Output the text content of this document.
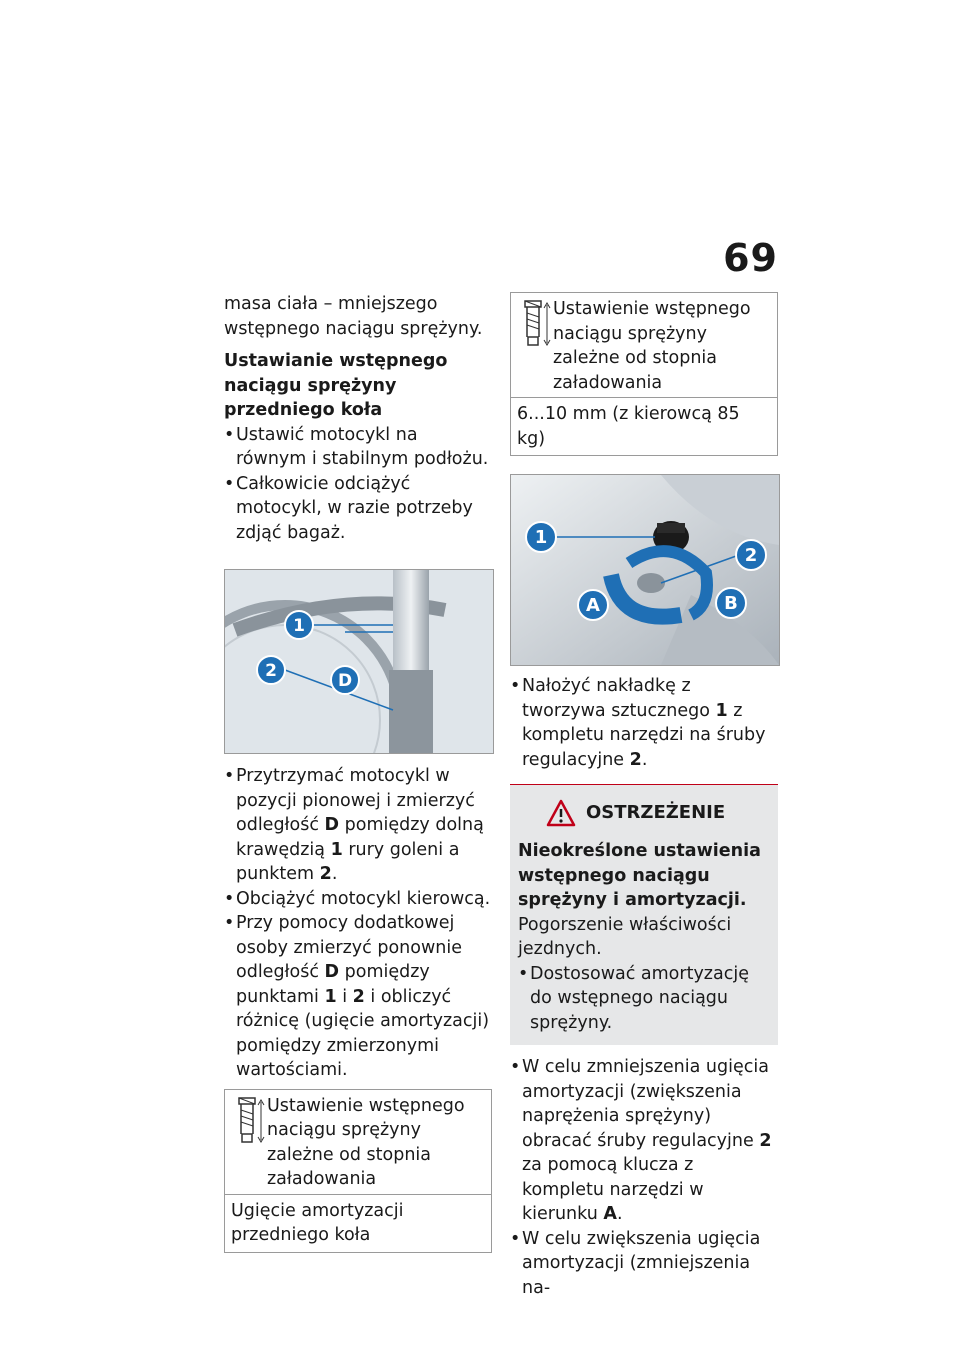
69

masa ciała – mniejszego wstępnego naciągu sprężyny.

Ustawianie wstępnego naciągu sprężyny przedniego koła

• Ustawić motocykl na równym i stabilnym podłożu.
• Całkowicie odciążyć motocykl, w razie potrzeby zdjąć bagaż.
1
2	D
• Przytrzymać motocykl w pozycji pionowej i zmierzyć odległość D pomiędzy dolną krawędzią 1 rury goleni a punktem 2.
• Obciążyć motocykl kierowcą.
• Przy pomocy dodatkowej osoby zmierzyć ponownie odległość D pomiędzy punktami 1 i 2 i obliczyć różnicę (ugięcie amortyzacji) pomiędzy zmierzonymi wartościami.
Ustawienie wstępnego naciągu sprężyny zależne od stopnia załadowania
Ugięcie amortyzacji przedniego koła
Ustawienie wstępnego naciągu sprężyny zależne od stopnia załadowania
6...10 mm (z kierowcą 85 kg)
1
2
A	B
• Nałożyć nakładkę z tworzywa sztucznego 1 z kompletu narzędzi na śruby regulacyjne 2.
OSTRZEŻENIE

Nieokreślone ustawienia wstępnego naciągu sprężyny i amortyzacji.

Pogorszenie właściwości jezdnych.

• Dostosować amortyzację do wstępnego naciągu sprężyny.
• W celu zmniejszenia ugięcia amortyzacji (zwiększenia naprężenia sprężyny) obracać śruby regulacyjne 2 za pomocą klucza z kompletu narzędzi w kierunku A.
• W celu zwiększenia ugięcia amortyzacji (zmniejszenia na-
